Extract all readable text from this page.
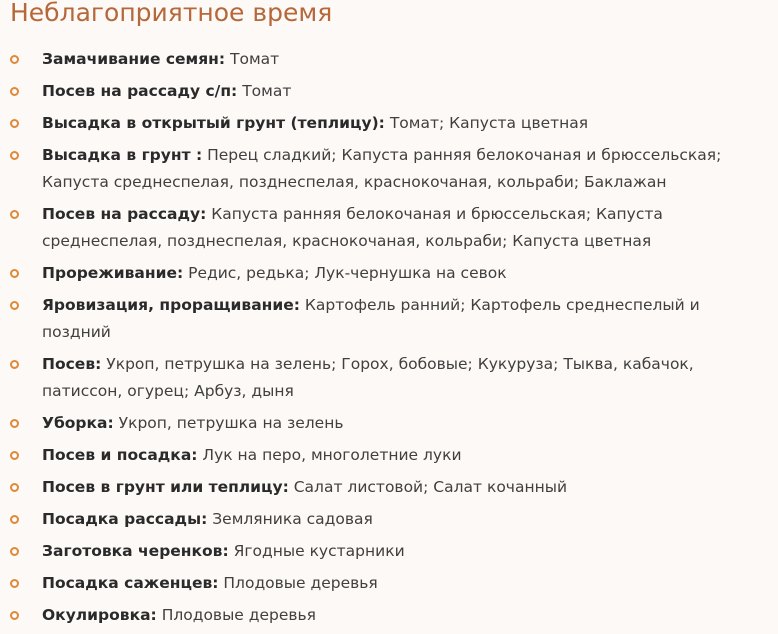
Неблагоприятное время
Замачивание семян: Томат
Посев на рассаду с/п: Томат
Высадка в открытый грунт (теплицу): Томат; Капуста цветная
Высадка в грунт : Перец сладкий; Капуста ранняя белокочаная и брюссельская; Капуста среднеспелая, позднеспелая, краснокочаная, кольраби; Баклажан
Посев на рассаду: Капуста ранняя белокочаная и брюссельская; Капуста среднеспелая, позднеспелая, краснокочаная, кольраби; Капуста цветная
Прореживание: Редис, редька; Лук-чернушка на севок
Яровизация, проращивание: Картофель ранний; Картофель среднеспелый и поздний
Посев: Укроп, петрушка на зелень; Горох, бобовые; Кукуруза; Тыква, кабачок, патиссон, огурец; Арбуз, дыня
Уборка: Укроп, петрушка на зелень
Посев и посадка: Лук на перо, многолетние луки
Посев в грунт или теплицу: Салат листовой; Салат кочанный
Посадка рассады: Земляника садовая
Заготовка черенков: Ягодные кустарники
Посадка саженцев: Плодовые деревья
Окулировка: Плодовые деревья
